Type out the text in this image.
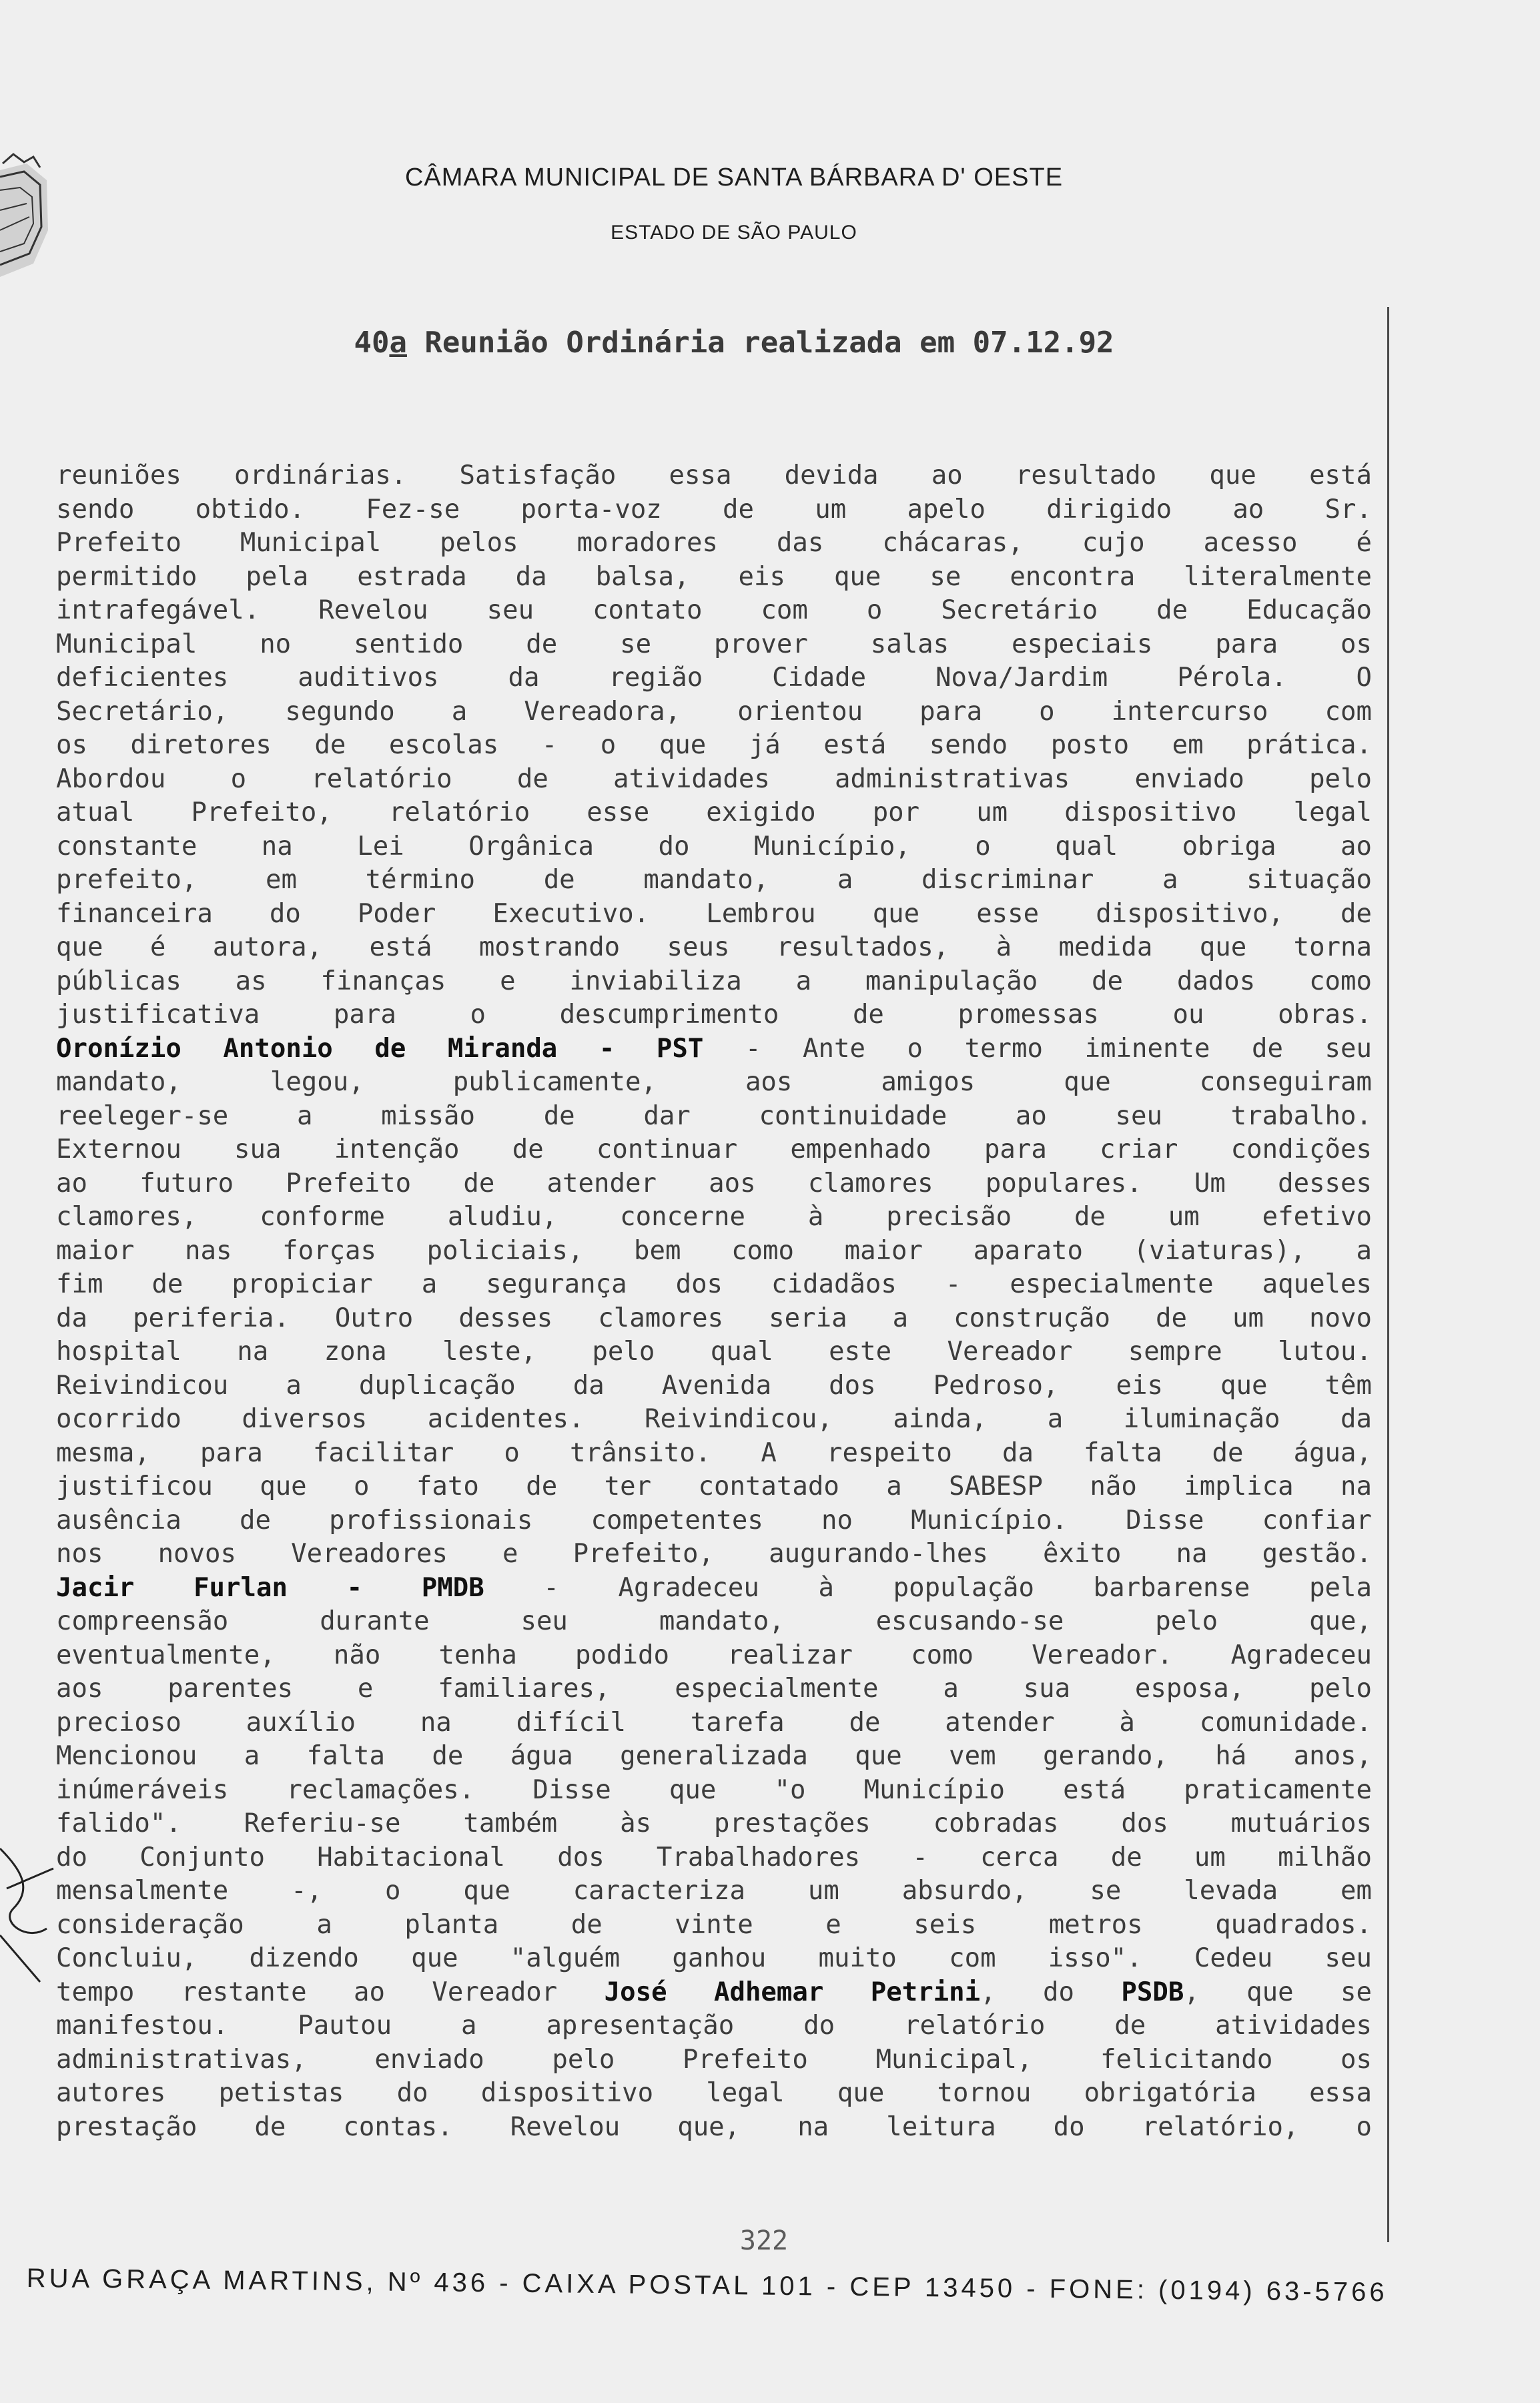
CÂMARA MUNICIPAL DE SANTA BÁRBARA D' OESTE
ESTADO DE SÃO PAULO
40a Reunião Ordinária realizada em 07.12.92
reuniões ordinárias. Satisfação essa devida ao resultado que está
sendo obtido. Fez-se porta-voz de um apelo dirigido ao Sr.
Prefeito Municipal pelos moradores das chácaras, cujo acesso é
permitido pela estrada da balsa, eis que se encontra literalmente
intrafegável. Revelou seu contato com o Secretário de Educação
Municipal no sentido de se prover salas especiais para os
deficientes auditivos da região Cidade Nova/Jardim Pérola. O
Secretário, segundo a Vereadora, orientou para o intercurso com
os diretores de escolas - o que já está sendo posto em prática.
Abordou o relatório de atividades administrativas enviado pelo
atual Prefeito, relatório esse exigido por um dispositivo legal
constante na Lei Orgânica do Município, o qual obriga ao
prefeito, em término de mandato, a discriminar a situação
financeira do Poder Executivo. Lembrou que esse dispositivo, de
que é autora, está mostrando seus resultados, à medida que torna
públicas as finanças e inviabiliza a manipulação de dados como
justificativa para o descumprimento de promessas ou obras.
Oronízio Antonio de Miranda - PST - Ante o termo iminente de seu
mandato, legou, publicamente, aos amigos que conseguiram
reeleger-se a missão de dar continuidade ao seu trabalho.
Externou sua intenção de continuar empenhado para criar condições
ao futuro Prefeito de atender aos clamores populares. Um desses
clamores, conforme aludiu, concerne à precisão de um efetivo
maior nas forças policiais, bem como maior aparato (viaturas), a
fim de propiciar a segurança dos cidadãos - especialmente aqueles
da periferia. Outro desses clamores seria a construção de um novo
hospital na zona leste, pelo qual este Vereador sempre lutou.
Reivindicou a duplicação da Avenida dos Pedroso, eis que têm
ocorrido diversos acidentes. Reivindicou, ainda, a iluminação da
mesma, para facilitar o trânsito. A respeito da falta de água,
justificou que o fato de ter contatado a SABESP não implica na
ausência de profissionais competentes no Município. Disse confiar
nos novos Vereadores e Prefeito, augurando-lhes êxito na gestão.
Jacir Furlan - PMDB - Agradeceu à população barbarense pela
compreensão durante seu mandato, escusando-se pelo que,
eventualmente, não tenha podido realizar como Vereador. Agradeceu
aos parentes e familiares, especialmente a sua esposa, pelo
precioso auxílio na difícil tarefa de atender à comunidade.
Mencionou a falta de água generalizada que vem gerando, há anos,
inúmeráveis reclamações. Disse que "o Município está praticamente
falido". Referiu-se também às prestações cobradas dos mutuários
do Conjunto Habitacional dos Trabalhadores - cerca de um milhão
mensalmente -, o que caracteriza um absurdo, se levada em
consideração a planta de vinte e seis metros quadrados.
Concluiu, dizendo que "alguém ganhou muito com isso". Cedeu seu
tempo restante ao Vereador José Adhemar Petrini, do PSDB, que se
manifestou. Pautou a apresentação do relatório de atividades
administrativas, enviado pelo Prefeito Municipal, felicitando os
autores petistas do dispositivo legal que tornou obrigatória essa
prestação de contas. Revelou que, na leitura do relatório, o
322
RUA GRAÇA MARTINS, Nº 436 - CAIXA POSTAL 101 - CEP 13450 - FONE: (0194) 63-5766
